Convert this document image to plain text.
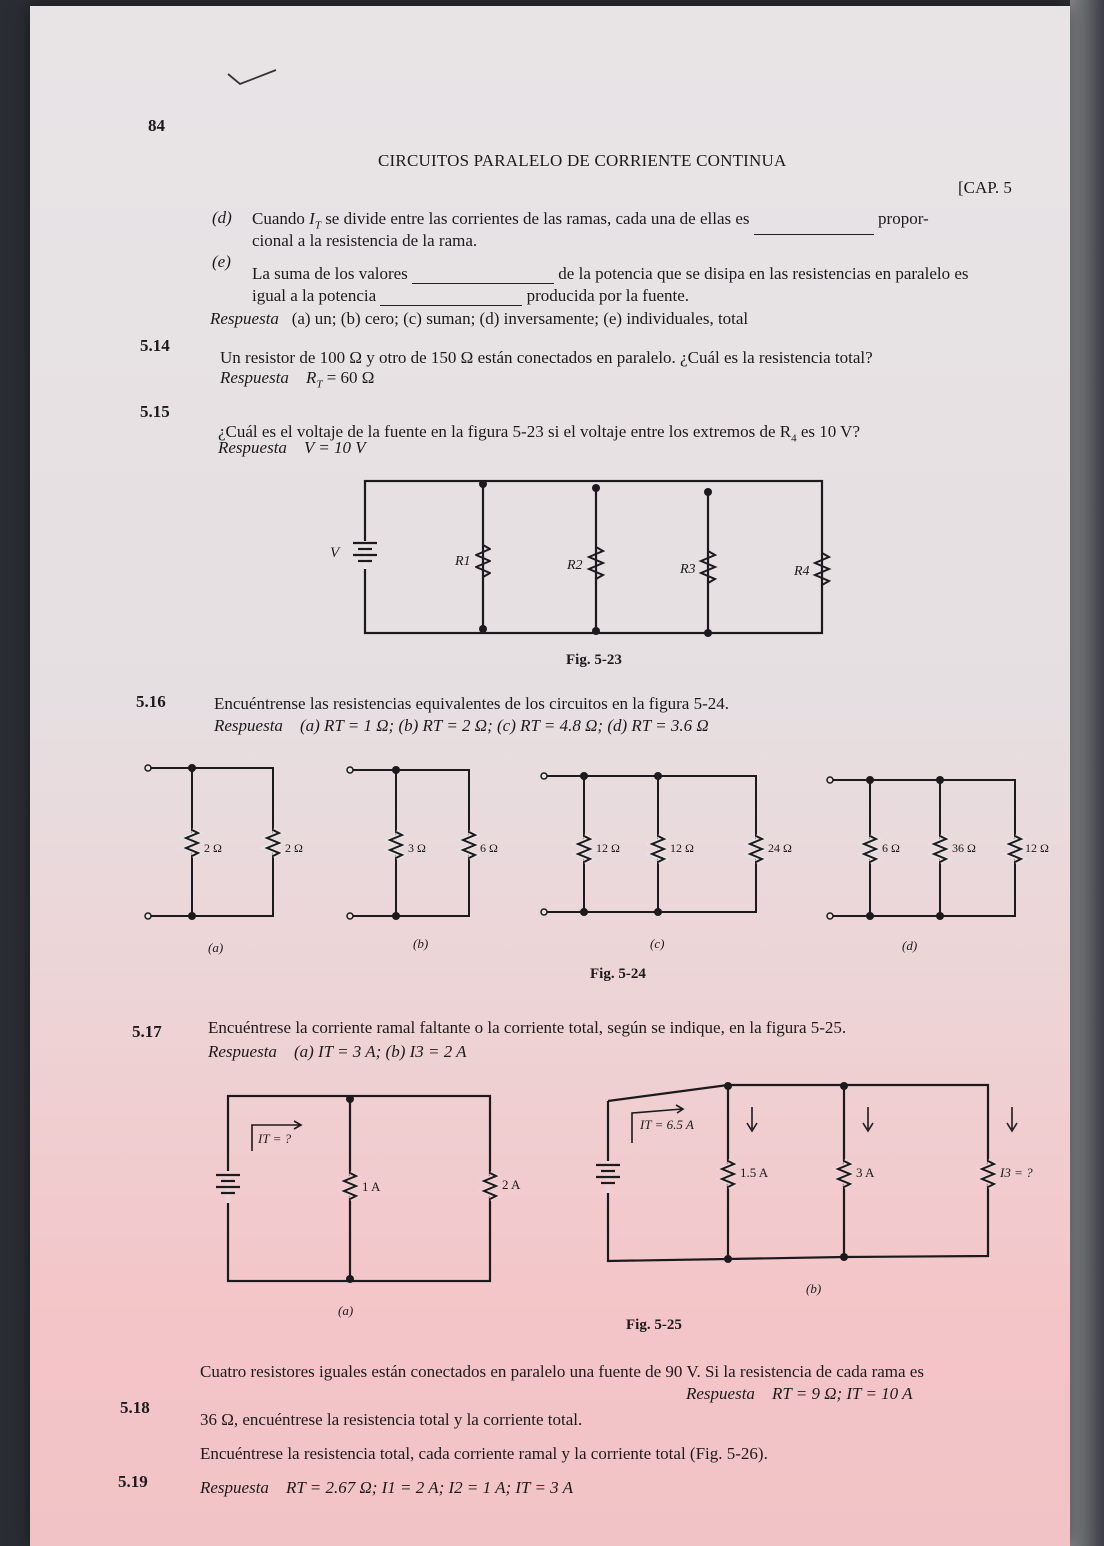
84
CIRCUITOS PARALELO DE CORRIENTE CONTINUA
[CAP. 5
(d) Cuando $I_T$ se divide entre las corrientes de las ramas, cada una de ellas es	propor-
cional a la resistencia de la rama.
(e)
La suma de los valores	de la potencia que se disipa en las resistencias en paralelo es
igual a la potencia	producida por la fuente.
Respuesta (a) un; (b) cero; (c) suman; (d) inversamente; (e) individuales, total
5.14
Un resistor de 100 Ω y otro de 150 Ω están conectados en paralelo. ¿Cuál es la resistencia total?
Respuesta $R_T = 60$ Ω
5.15
¿Cuál es el voltaje de la fuente en la figura 5-23 si el voltaje entre los extremos de $R_4$ es 10 V?
Respuesta V = 10 V
V
R1	R2	R3	R4
Fig. 5-23
5.16	Encuéntrense las resistencias equivalentes de los circuitos en la figura 5-24.
Respuesta (a) RT = 1 Ω; (b) RT = 2 Ω; (c) RT = 4.8 Ω; (d) RT = 3.6 Ω
2 Ω	2 Ω	3 Ω	6 Ω	12 Ω	12 Ω	24 Ω	6 Ω	36 Ω	12 Ω
(a)	(b)	(c)	(d)
Fig. 5-24
5.17	Encuéntrese la corriente ramal faltante o la corriente total, según se indique, en la figura 5-25.
Respuesta (a) IT = 3 A; (b) I3 = 2 A
IT = ?
1 A	2 A
IT = 6.5 A
1.5 A	3 A	I3 = ?
(a)
(b)
Fig. 5-25
Cuatro resistores iguales están conectados en paralelo una fuente de 90 V. Si la resistencia de cada rama es
5.18
36 Ω, encuéntrese la resistencia total y la corriente total.
Respuesta RT = 9 Ω; IT = 10 A
Encuéntrese la resistencia total, cada corriente ramal y la corriente total (Fig. 5-26).
5.19	Respuesta RT = 2.67 Ω; I1 = 2 A; I2 = 1 A; IT = 3 A
